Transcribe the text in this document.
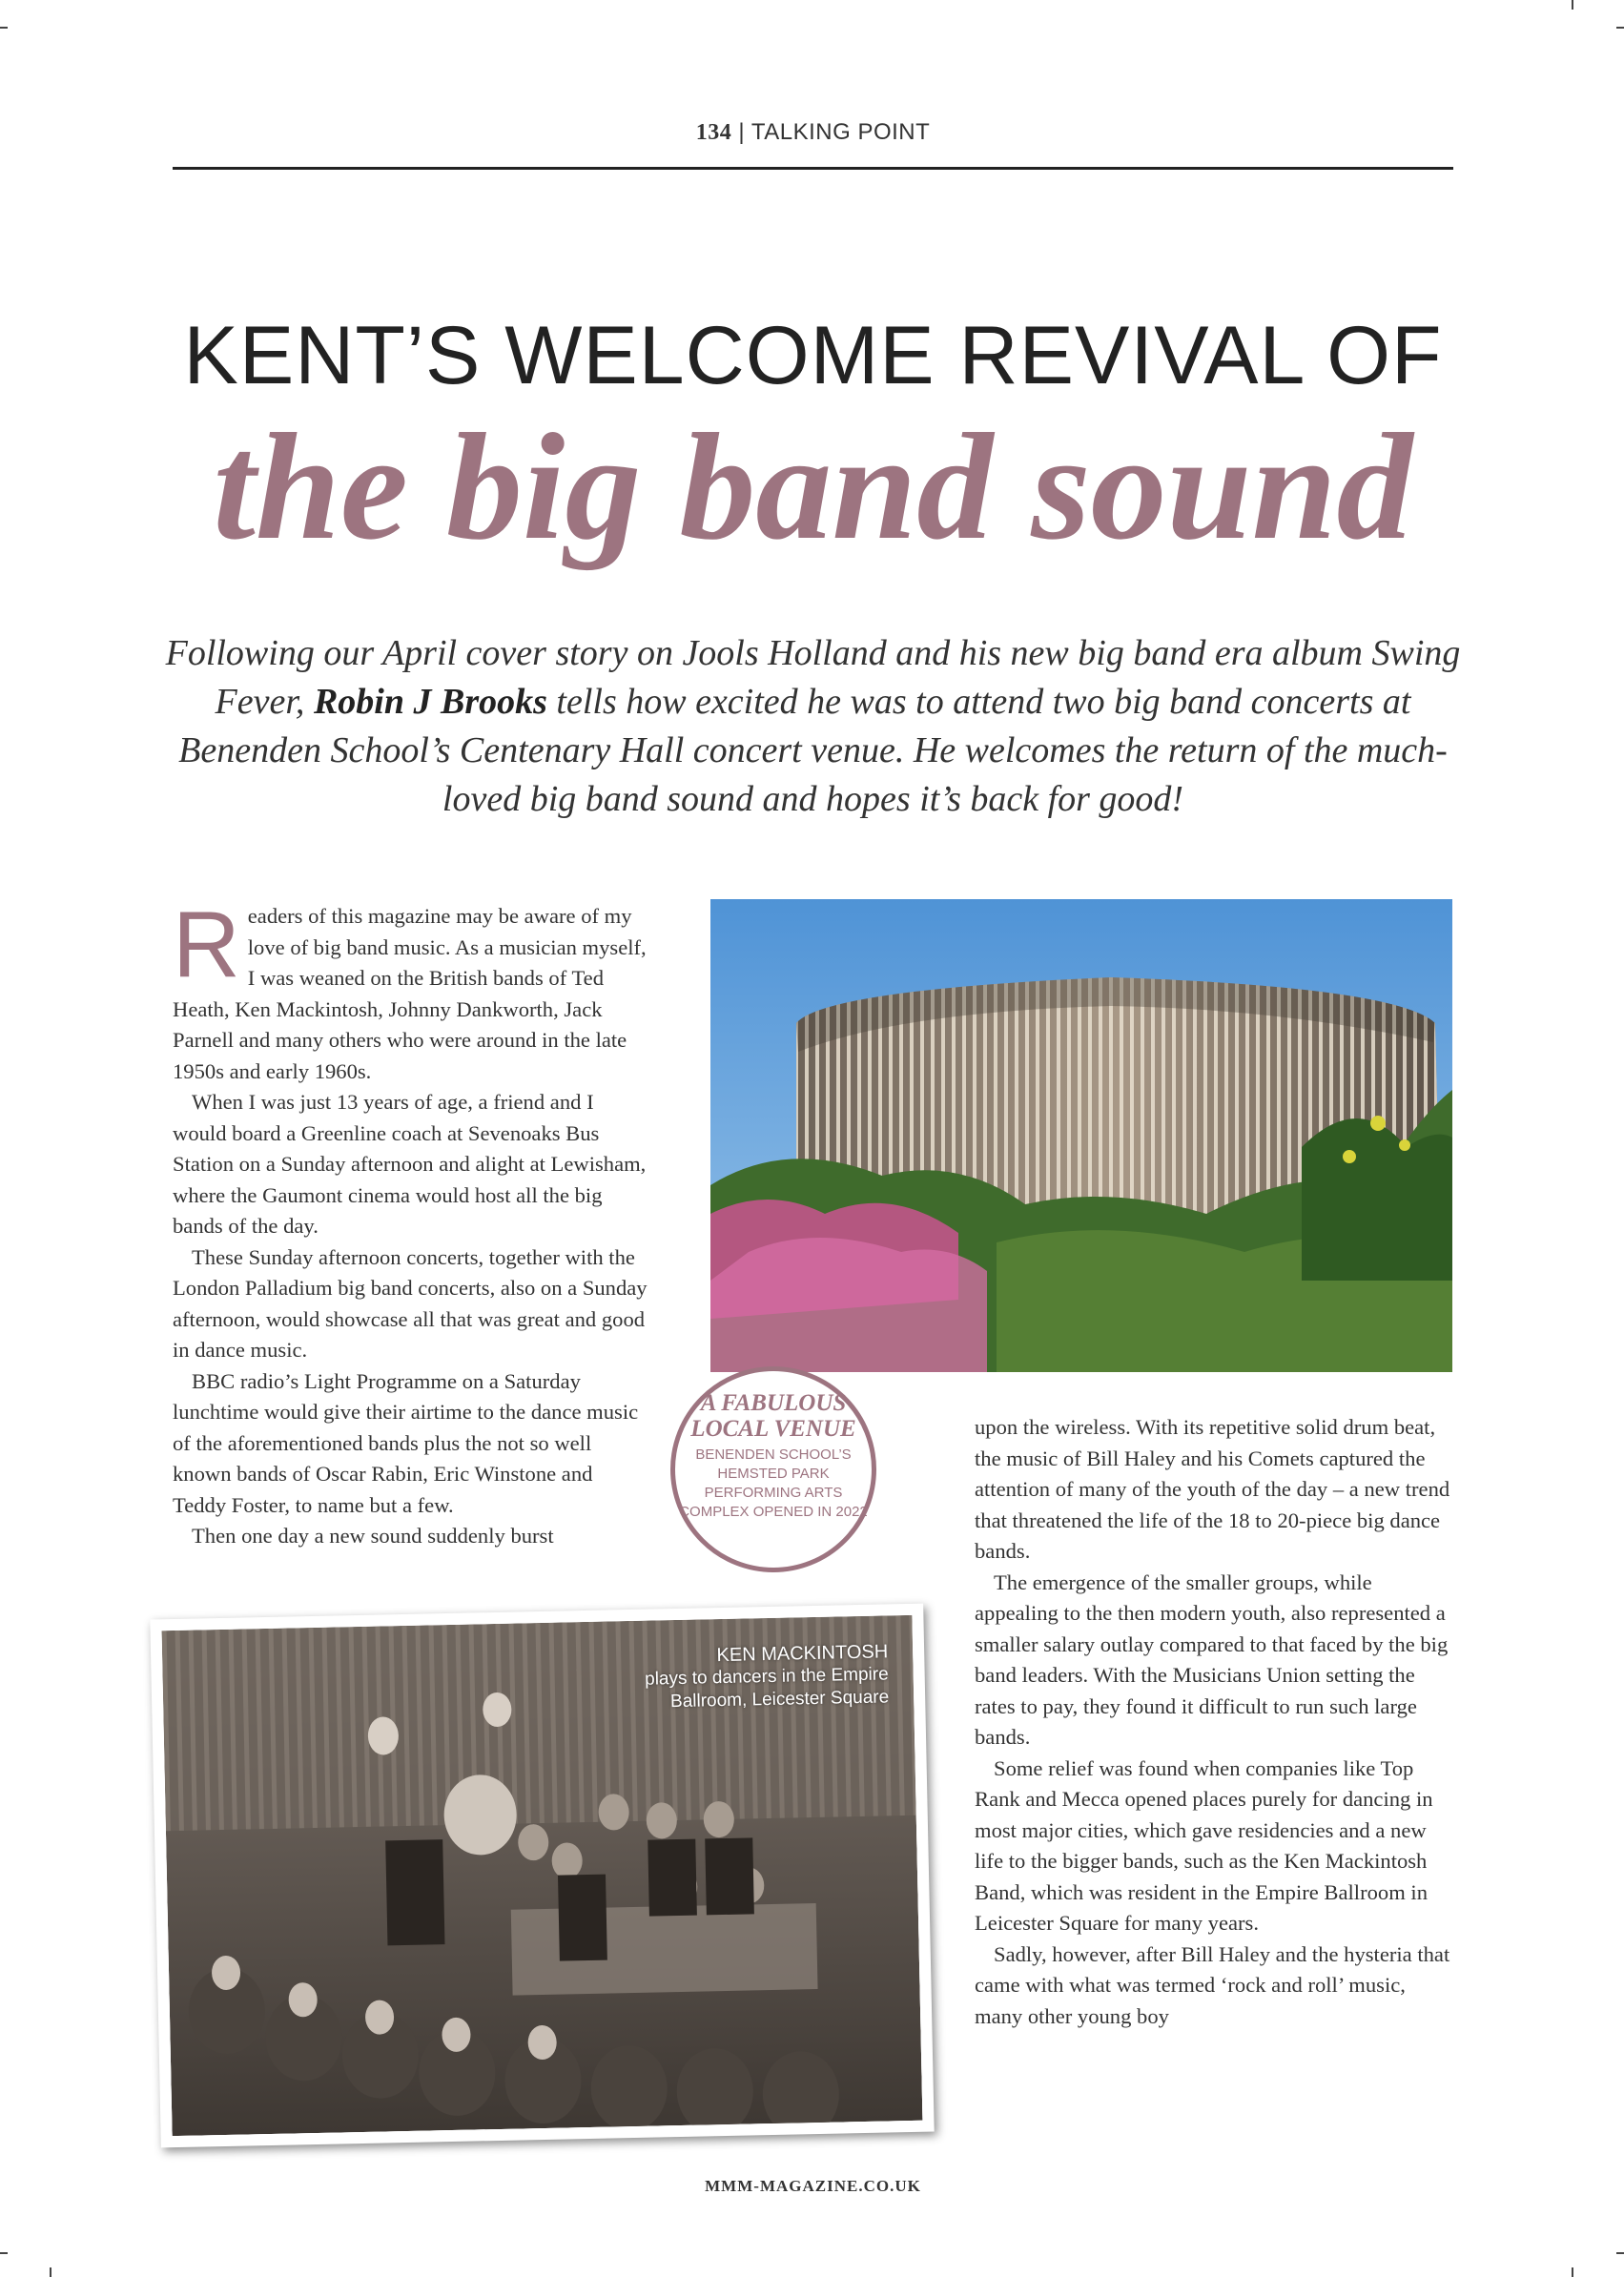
134 | TALKING POINT
KENT’S WELCOME REVIVAL OF
the big band sound
Following our April cover story on Jools Holland and his new big band era album Swing Fever, Robin J Brooks tells how excited he was to attend two big band concerts at Benenden School’s Centenary Hall concert venue. He welcomes the return of the much-loved big band sound and hopes it’s back for good!

Readers of this magazine may be aware of my love of big band music. As a musician myself, I was weaned on the British bands of Ted Heath, Ken Mackintosh, Johnny Dankworth, Jack Parnell and many others who were around in the late 1950s and early 1960s.

When I was just 13 years of age, a friend and I would board a Greenline coach at Sevenoaks Bus Station on a Sunday afternoon and alight at Lewisham, where the Gaumont cinema would host all the big bands of the day.

These Sunday afternoon concerts, together with the London Palladium big band concerts, also on a Sunday afternoon, would showcase all that was great and good in dance music.

BBC radio’s Light Programme on a Saturday lunchtime would give their airtime to the dance music of the aforementioned bands plus the not so well known bands of Oscar Rabin, Eric Winstone and Teddy Foster, to name but a few.

Then one day a new sound suddenly burst

A FABULOUS LOCAL VENUE
BENENDEN SCHOOL’S HEMSTED PARK PERFORMING ARTS COMPLEX OPENED IN 2022

upon the wireless. With its repetitive solid drum beat, the music of Bill Haley and his Comets captured the attention of many of the youth of the day – a new trend that threatened the life of the 18 to 20-piece big dance bands.

The emergence of the smaller groups, while appealing to the then modern youth, also represented a smaller salary outlay compared to that faced by the big band leaders. With the Musicians Union setting the rates to pay, they found it difficult to run such large bands.

Some relief was found when companies like Top Rank and Mecca opened places purely for dancing in most major cities, which gave residencies and a new life to the bigger bands, such as the Ken Mackintosh Band, which was resident in the Empire Ballroom in Leicester Square for many years.

Sadly, however, after Bill Haley and the hysteria that came with what was termed ‘rock and roll’ music, many other young boy

KEN MACKINTOSH
plays to dancers in the Empire Ballroom, Leicester Square
MMM-MAGAZINE.CO.UK
